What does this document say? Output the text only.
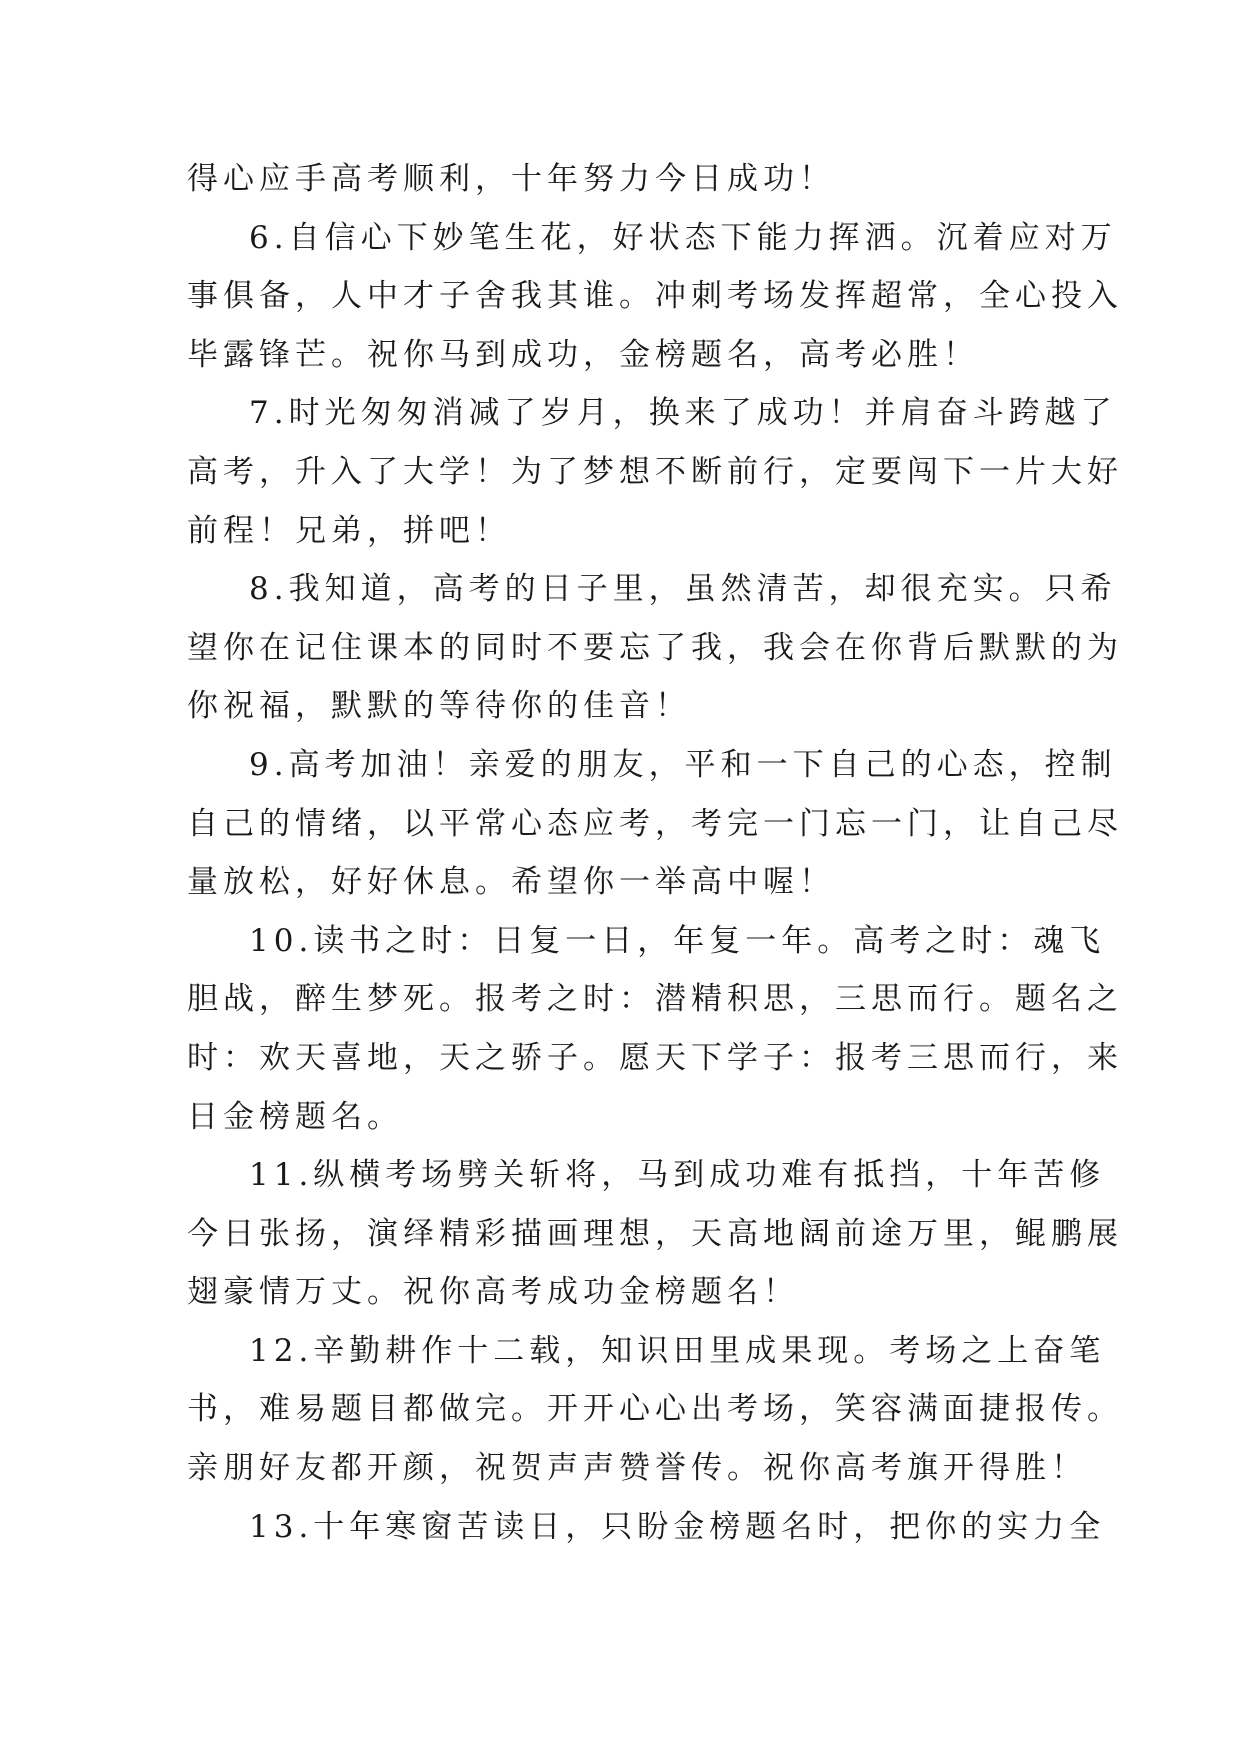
得心应手高考顺利，十年努力今日成功！
6.自信心下妙笔生花，好状态下能力挥洒。沉着应对万
事俱备，人中才子舍我其谁。冲刺考场发挥超常，全心投入
毕露锋芒。祝你马到成功，金榜题名，高考必胜！
7.时光匆匆消减了岁月，换来了成功！并肩奋斗跨越了
高考，升入了大学！为了梦想不断前行，定要闯下一片大好
前程！兄弟，拼吧！
8.我知道，高考的日子里，虽然清苦，却很充实。只希
望你在记住课本的同时不要忘了我，我会在你背后默默的为
你祝福，默默的等待你的佳音！
9.高考加油！亲爱的朋友，平和一下自己的心态，控制
自己的情绪，以平常心态应考，考完一门忘一门，让自己尽
量放松，好好休息。希望你一举高中喔！
10.读书之时：日复一日，年复一年。高考之时：魂飞
胆战，醉生梦死。报考之时：潜精积思，三思而行。题名之
时：欢天喜地，天之骄子。愿天下学子：报考三思而行，来
日金榜题名。
11.纵横考场劈关斩将，马到成功难有抵挡，十年苦修
今日张扬，演绎精彩描画理想，天高地阔前途万里，鲲鹏展
翅豪情万丈。祝你高考成功金榜题名！
12.辛勤耕作十二载，知识田里成果现。考场之上奋笔
书，难易题目都做完。开开心心出考场，笑容满面捷报传。
亲朋好友都开颜，祝贺声声赞誉传。祝你高考旗开得胜！
13.十年寒窗苦读日，只盼金榜题名时，把你的实力全
